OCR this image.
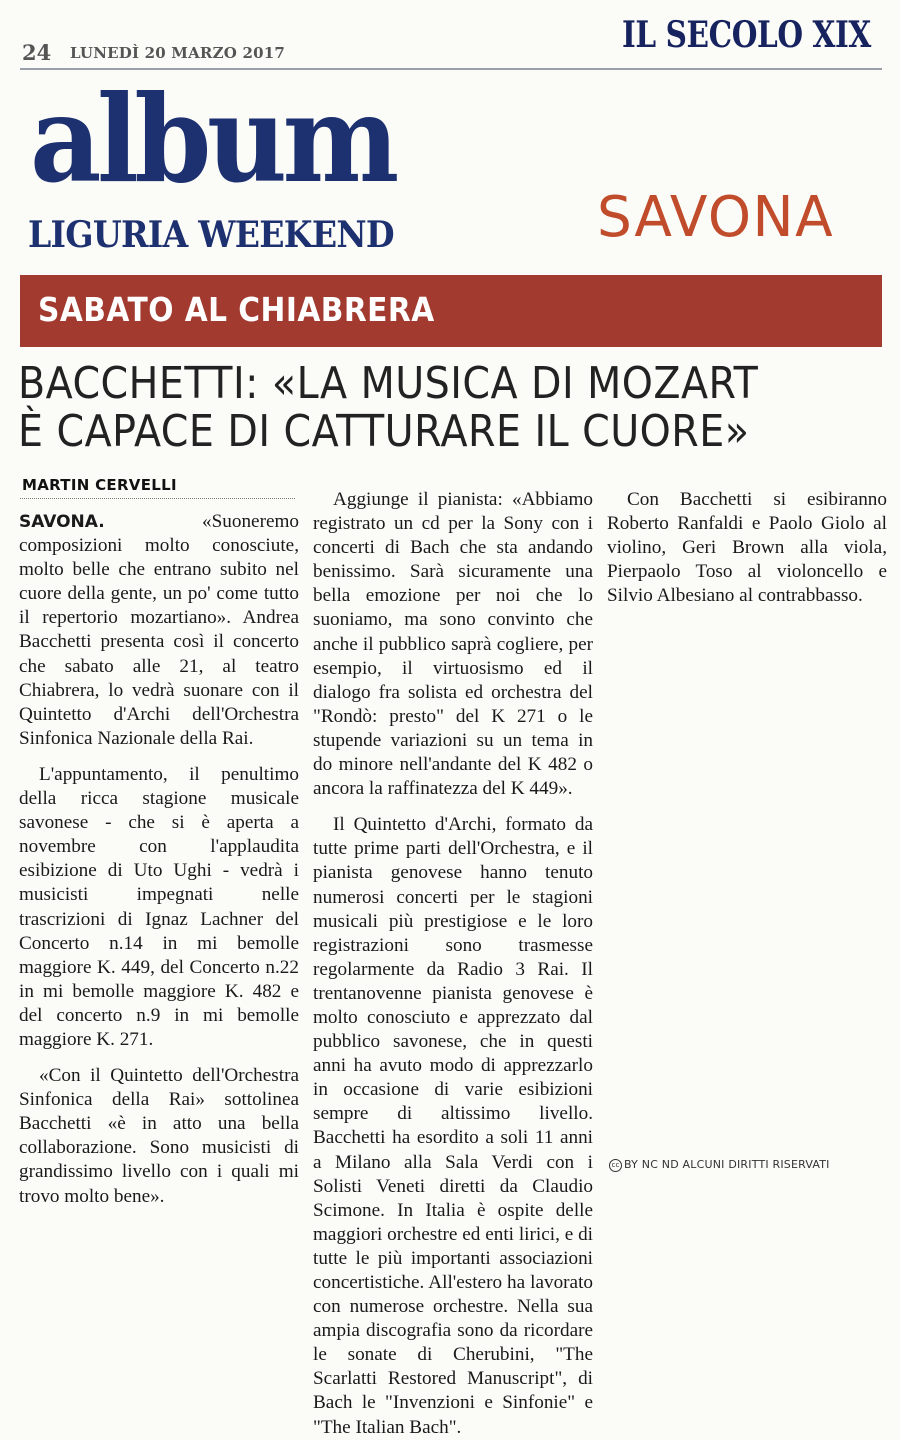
24 LUNEDÌ 20 MARZO 2017	IL SECOLO XIX
album
LIGURIA WEEKEND	SAVONA
SABATO AL CHIABRERA
BACCHETTI: «LA MUSICA DI MOZART
È CAPACE DI CATTURARE IL CUORE»
MARTIN CERVELLI

SAVONA.	«Suoneremo composizioni molto conosciute, molto belle che entrano subito nel cuore della gente, un po' come tutto il repertorio mozartiano». Andrea Bacchetti presenta così il concerto che sabato alle 21, al teatro Chiabrera, lo vedrà suonare con il Quintetto d'Archi dell'Orchestra Sinfonica Nazionale della Rai.

L'appuntamento, il penultimo della ricca stagione musicale savonese - che si è aperta a novembre con l'applaudita esibizione di Uto Ughi - vedrà i musicisti impegnati nelle trascrizioni di Ignaz Lachner del Concerto n.14 in mi bemolle maggiore K. 449, del Concerto n.22 in mi bemolle maggiore K. 482 e del concerto n.9 in mi bemolle maggiore K. 271.

«Con il Quintetto dell'Orchestra Sinfonica della Rai» sottolinea Bacchetti «è in atto una bella collaborazione. Sono musicisti di grandissimo livello con i quali mi trovo molto bene».

Aggiunge il pianista: «Abbiamo registrato un cd per la Sony con i concerti di Bach che sta andando benissimo. Sarà sicuramente una bella emozione per noi che lo suoniamo, ma sono convinto che anche il pubblico saprà cogliere, per esempio, il virtuosismo ed il dialogo fra solista ed orchestra del "Rondò: presto" del K 271 o le stupende variazioni su un tema in do minore nell'andante del K 482 o ancora la raffinatezza del K 449».

Il Quintetto d'Archi, formato da tutte prime parti dell'Orchestra, e il pianista genovese hanno tenuto numerosi concerti per le stagioni musicali più prestigiose e le loro registrazioni sono trasmesse regolarmente da Radio 3 Rai. Il trentanovenne pianista genovese è molto conosciuto e apprezzato dal pubblico savonese, che in questi anni ha avuto modo di apprezzarlo in occasione di varie esibizioni sempre di altissimo livello. Bacchetti ha esordito a soli 11 anni a Milano alla Sala Verdi con i Solisti Veneti diretti da Claudio Scimone. In Italia è ospite delle maggiori orchestre ed enti lirici, e di tutte le più importanti associazioni concertistiche. All'estero ha lavorato con numerose orchestre. Nella sua ampia discografia sono da ricordare le sonate di Cherubini, "The Scarlatti Restored Manuscript", di Bach le "Invenzioni e Sinfonie" e "The Italian Bach".

Con Bacchetti si esibiranno Roberto Ranfaldi e Paolo Giolo al violino, Geri Brown alla viola, Pierpaolo Toso al violoncello e Silvio Albesiano al contrabbasso.

cc BY NC ND ALCUNI DIRITTI RISERVATI
